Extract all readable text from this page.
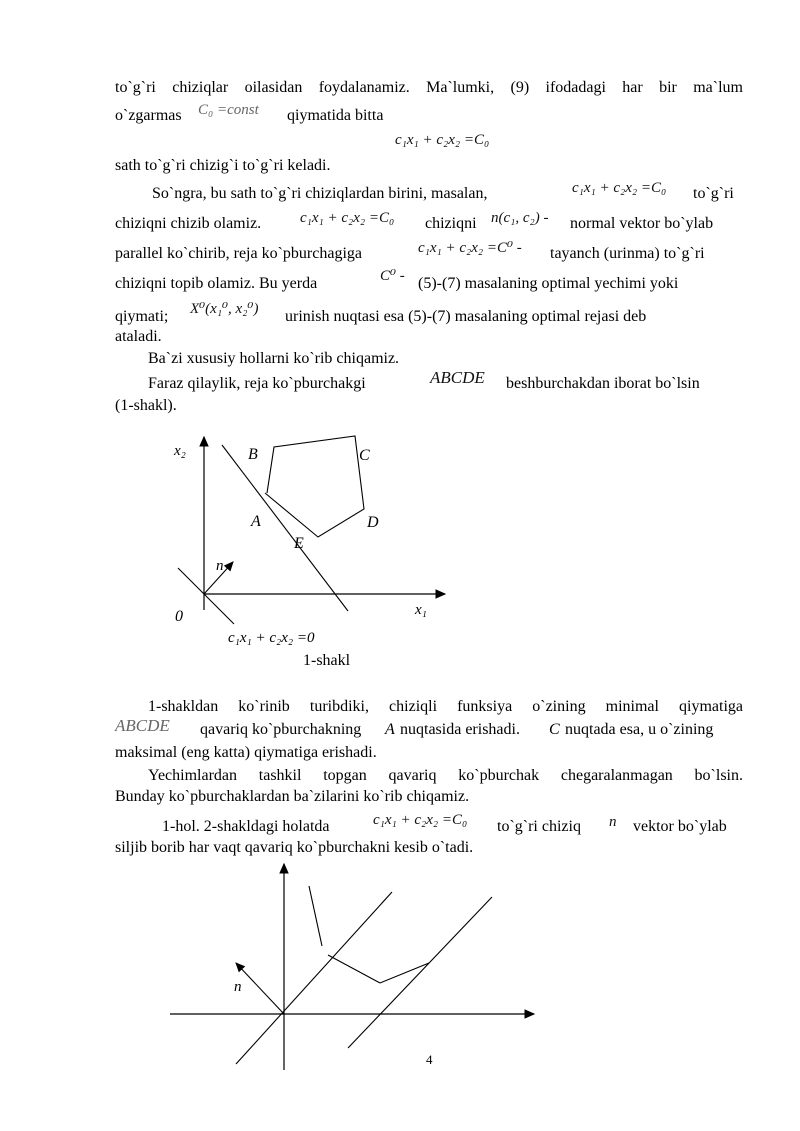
to`g`ri chiziqlar oilasidan foydalanamiz. Ma`lumki, (9) ifodadagi har bir ma`lum
o`zgarmas C₀ =const qiymatida bitta
c₁x₁ + c₂x₂ =C₀
sath to`g`ri chizig`i to`g`ri keladi.
So`ngra, bu sath to`g`ri chiziqlardan birini, masalan,	c₁x₁ + c₂x₂ =C₀ to`g`ri
chiziqni chizib olamiz.	c₁x₁ + c₂x₂ =C₀ chiziqni n(c₁, c₂) - normal vektor bo`ylab
parallel ko`chirib, reja ko`pburchagiga	c₁x₁ + c₂x₂ =C⁰ - tayanch (urinma) to`g`ri
chiziqni topib olamiz. Bu yerda	C⁰ - (5)-(7) masalaning optimal yechimi yoki
qiymati; X⁰(x₁⁰, x₂⁰) urinish nuqtasi esa (5)-(7) masalaning optimal rejasi deb
ataladi.
Ba`zi xususiy hollarni ko`rib chiqamiz.
Faraz qilaylik, reja ko`pburchakgi	ABCDE beshburchakdan iborat bo`lsin
(1-shakl).
x₂	B	C
A	D
E
n
0	x₁
c₁x₁ + c₂x₂ =0
1-shakl
1-shakldan ko`rinib turibdiki, chiziqli funksiya o`zining minimal qiymatiga
ABCDE qavariq ko`pburchakning A nuqtasida erishadi. C nuqtada esa, u o`zining
maksimal (eng katta) qiymatiga erishadi.
Yechimlardan tashkil topgan qavariq ko`pburchak chegaralanmagan bo`lsin.
Bunday ko`pburchaklardan ba`zilarini ko`rib chiqamiz.
1-hol. 2-shakldagi holatda	c₁x₁ + c₂x₂ =C₀ to`g`ri chiziq n vektor bo`ylab
siljib borib har vaqt qavariq ko`pburchakni kesib o`tadi.
n
4
